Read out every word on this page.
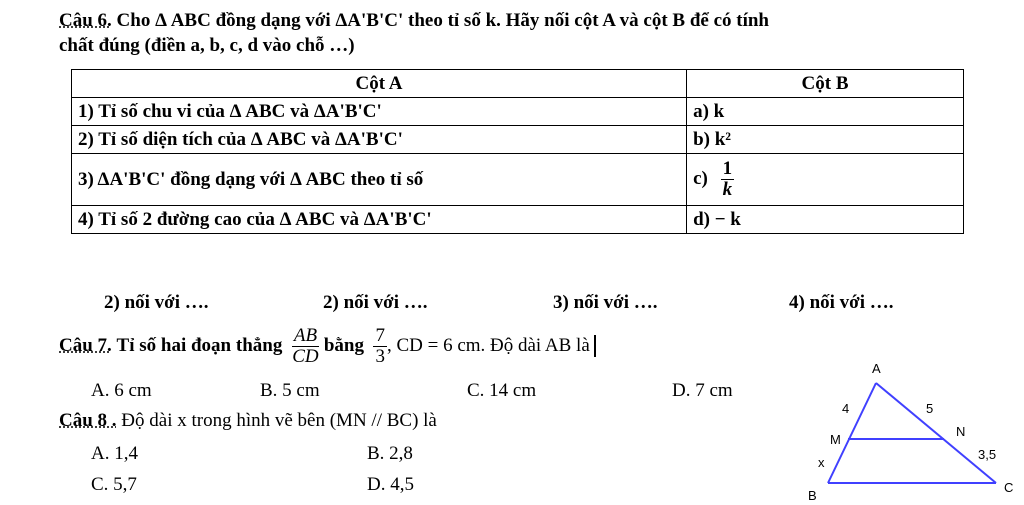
Câu 6. Cho Δ ABC đồng dạng với ΔA'B'C' theo tỉ số k. Hãy nối cột A và cột B để có tính
chất đúng (điền a, b, c, d vào chỗ …)
Cột A	Cột B
1) Tỉ số chu vi của Δ ABC và ΔA'B'C'	a) k
2) Tỉ số diện tích của Δ ABC và ΔA'B'C'	b) k²
3) ΔA'B'C' đồng dạng với Δ ABC theo tỉ số	$c) \frac{1}{k}$

4) Tỉ số 2 đường cao của Δ ABC và ΔA'B'C'	d) − k
2) nối với ….	2) nối với ….	3) nối với ….	4) nối với ….
Câu 7.
Tỉ số hai đoạn thẳng
$\frac{AB}{CD}$
bằng
$\frac{7}{3}$ , CD = 6 cm. Độ dài AB là
A. 6 cm	B. 5 cm	C. 14 cm	D. 7 cm
Câu 8 . Độ dài x trong hình vẽ bên (MN // BC) là
A. 1,4	B. 2,8
C. 5,7	D. 4,5
A
B
C
M
N
4	5
3,5
x
